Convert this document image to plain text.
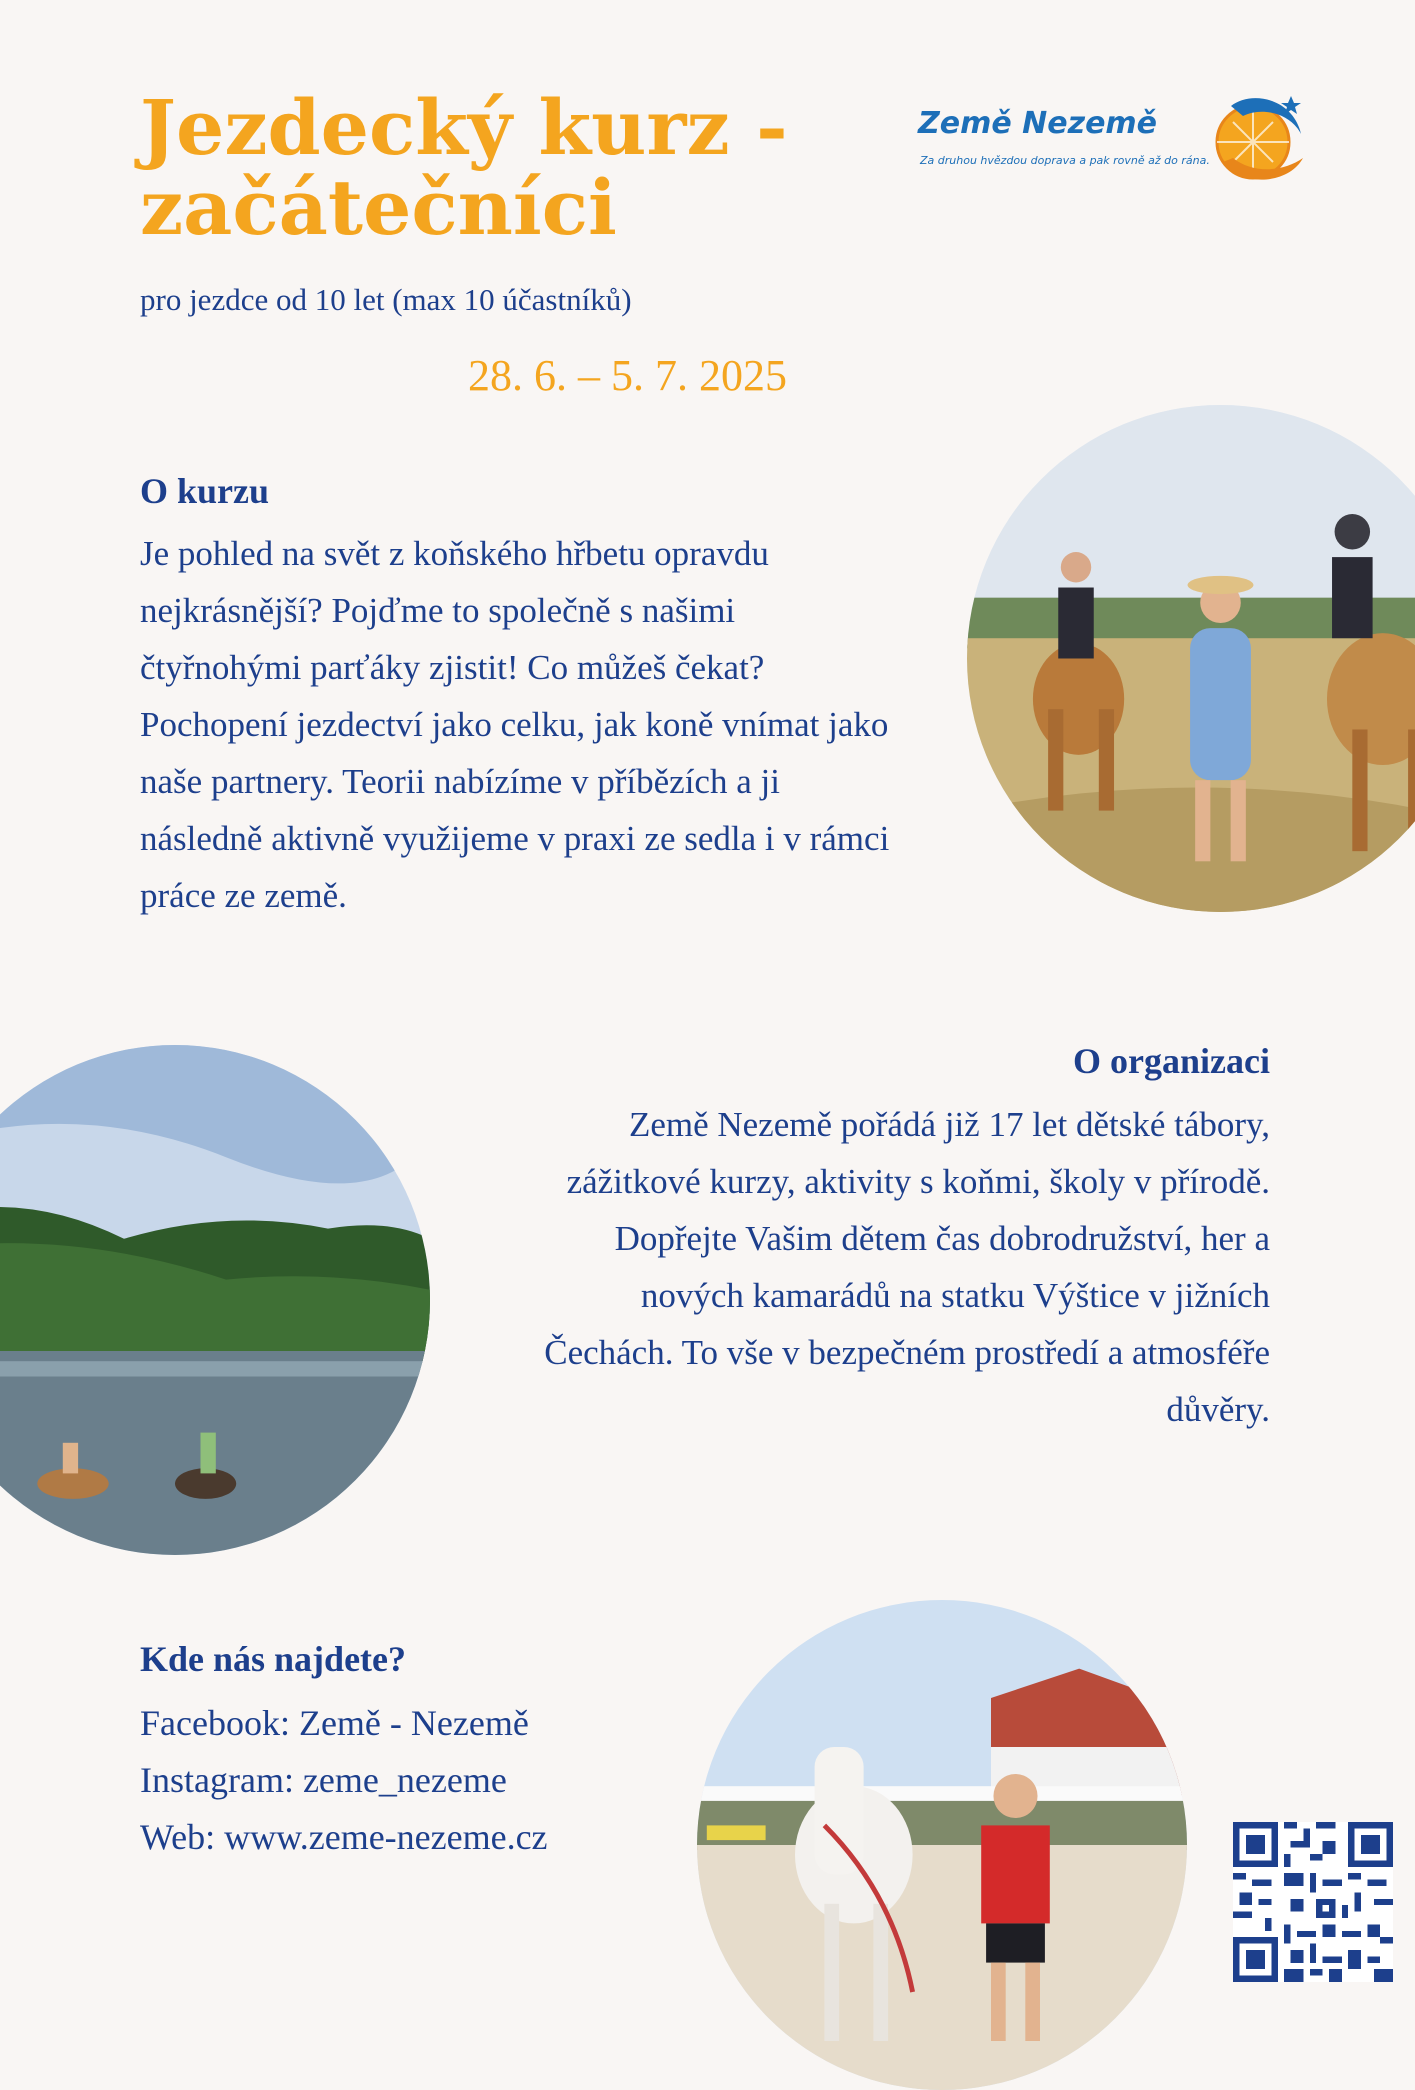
Jezdecký kurz - začátečníci
Země Nezemě
Za druhou hvězdou doprava a pak rovně až do rána.
pro jezdce od 10 let (max 10 účastníků)
28. 6. – 5. 7. 2025
O kurzu
Je pohled na svět z koňského hřbetu opravdu nejkrásnější? Pojďme to společně s našimi čtyřnohými parťáky zjistit! Co můžeš čekat? Pochopení jezdectví jako celku, jak koně vnímat jako naše partnery. Teorii nabízíme v příbězích a ji následně aktivně využijeme v praxi ze sedla i v rámci práce ze země.
O organizaci
Země Nezemě pořádá již 17 let dětské tábory, zážitkové kurzy, aktivity s koňmi, školy v přírodě. Dopřejte Vašim dětem čas dobrodružství, her a nových kamarádů na statku Výštice v jižních Čechách. To vše v bezpečném prostředí a atmosféře důvěry.
Kde nás najdete?
Facebook: Země - Nezemě
Instagram: zeme_nezeme
Web: www.zeme-nezeme.cz
